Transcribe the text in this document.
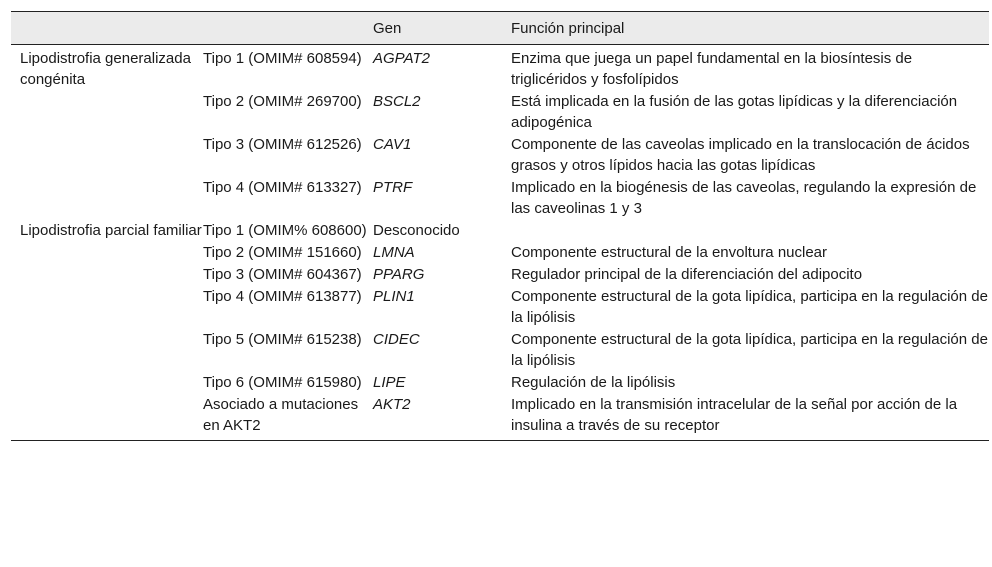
		Gen	Función principal
Lipodistrofia generalizada congénita	Tipo 1 (OMIM# 608594)	AGPAT2	Enzima que juega un papel fundamental en la biosíntesis de triglicéridos y fosfolípidos
	Tipo 2 (OMIM# 269700)	BSCL2	Está implicada en la fusión de las gotas lipídicas y la diferenciación adipogénica
	Tipo 3 (OMIM# 612526)	CAV1	Componente de las caveolas implicado en la translocación de ácidos grasos y otros lípidos hacia las gotas lipídicas
	Tipo 4 (OMIM# 613327)	PTRF	Implicado en la biogénesis de las caveolas, regulando la expresión de las caveolinas 1 y 3
Lipodistrofia parcial familiar	Tipo 1 (OMIM% 608600)	Desconocido	
	Tipo 2 (OMIM# 151660)	LMNA	Componente estructural de la envoltura nuclear
	Tipo 3 (OMIM# 604367)	PPARG	Regulador principal de la diferenciación del adipocito
	Tipo 4 (OMIM# 613877)	PLIN1	Componente estructural de la gota lipídica, participa en la regulación de la lipólisis
	Tipo 5 (OMIM# 615238)	CIDEC	Componente estructural de la gota lipídica, participa en la regulación de la lipólisis
	Tipo 6 (OMIM# 615980)	LIPE	Regulación de la lipólisis
	Asociado a mutaciones en AKT2	AKT2	Implicado en la transmisión intracelular de la señal por acción de la insulina a través de su receptor
